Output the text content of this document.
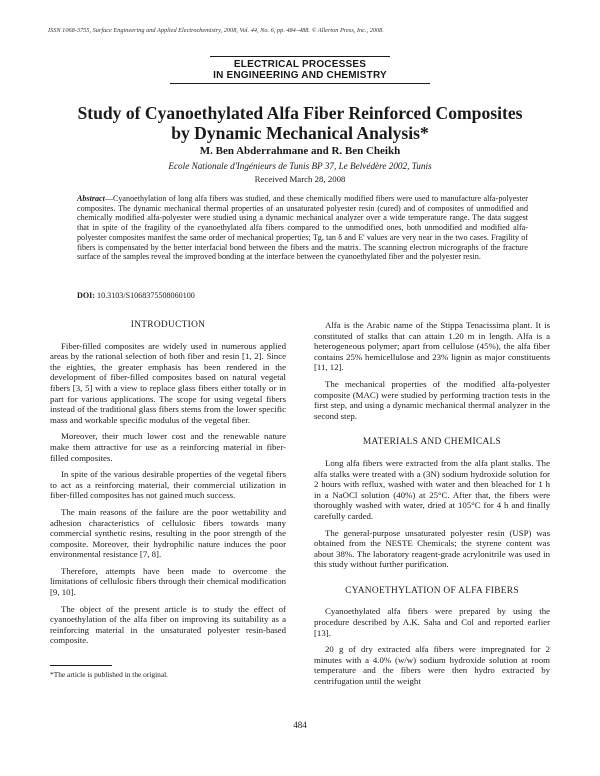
ISSN 1068-3755, Surface Engineering and Applied Electrochemistry, 2008, Vol. 44, No. 6, pp. 484–488. © Allerton Press, Inc., 2008.
ELECTRICAL PROCESSES
IN ENGINEERING AND CHEMISTRY
Study of Cyanoethylated Alfa Fiber Reinforced Composites
by Dynamic Mechanical Analysis*
M. Ben Abderrahmane and R. Ben Cheikh
Ecole Nationale d'Ingénieurs de Tunis BP 37, Le Belvédère 2002, Tunis
Received March 28, 2008
Abstract—Cyanoethylation of long alfa fibers was studied, and these chemically modified fibers were used to manufacture alfa-polyester composites. The dynamic mechanical thermal properties of an unsaturated polyester resin (cured) and of composites of unmodified and chemically modified alfa-polyester were studied using a dynamic mechanical analyzer over a wide temperature range. The data suggest that in spite of the fragility of the cyanoethylated alfa fibers compared to the unmodified ones, both unmodified and modified alfa-polyester composites manifest the same order of mechanical properties; Tg, tan δ and E' values are very near in the two cases. Fragility of fibers is compensated by the better interfacial bond between the fibers and the matrix. The scanning electron micrographs of the fracture surface of the samples reveal the improved bonding at the interface between the cyanoethylated fiber and the polyester resin.
DOI: 10.3103/S1068375508060100
INTRODUCTION

Fiber-filled composites are widely used in numerous applied areas by the rational selection of both fiber and resin [1, 2]. Since the eighties, the greater emphasis has been rendered in the development of fiber-filled composites based on natural vegetal fibers [3, 5] with a view to replace glass fibers either totally or in part for various applications. The scope for using vegetal fibers instead of the traditional glass fibers stems from the lower specific mass and workable specific modulus of the vegetal fiber.

Moreover, their much lower cost and the renewable nature make them attractive for use as a reinforcing material in fiber-filled composites.

In spite of the various desirable properties of the vegetal fibers to act as a reinforcing material, their commercial utilization in fiber-filled composites has not gained much success.

The main reasons of the failure are the poor wettability and adhesion characteristics of cellulosic fibers towards many commercial synthetic resins, resulting in the poor strength of the composite. Moreover, their hydrophilic nature induces the poor environmental resistance [7, 8].

Therefore, attempts have been made to overcome the limitations of cellulosic fibers through their chemical modification [9, 10].

The object of the present article is to study the effect of cyanoethylation of the alfa fiber on improving its suitability as a reinforcing material in the unsaturated polyester resin-based composite.

Alfa is the Arabic name of the Stippa Tenacissima plant. It is constituted of stalks that can attain 1.20 m in length. Alfa is a heterogeneous polymer; apart from cellulose (45%), the alfa fiber contains 25% hemicellulose and 23% lignin as major constituents [11, 12].

The mechanical properties of the modified alfa-polyester composite (MAC) were studied by performing traction tests in the first step, and using a dynamic mechanical thermal analyzer in the second step.

MATERIALS AND CHEMICALS

Long alfa fibers were extracted from the alfa plant stalks. The alfa stalks were treated with a (3N) sodium hydroxide solution for 2 hours with reflux, washed with water and then bleached for 1 h in a NaOCl solution (40%) at 25°C. After that, the fibers were thoroughly washed with water, dried at 105°C for 4 h and finally carefully carded.

The general-purpose unsaturated polyester resin (USP) was obtained from the NESTE Chemicals; the styrene content was about 38%. The laboratory reagent-grade acrylonitrile was used in this study without further purification.

CYANOETHYLATION OF ALFA FIBERS

Cyanoethylated alfa fibers were prepared by using the procedure described by A.K. Saha and Col and reported earlier [13].

20 g of dry extracted alfa fibers were impregnated for 2 minutes with a 4.0% (w/w) sodium hydroxide solution at room temperature and the fibers were then hydro extracted by centrifugation until the weight

*The article is published in the original.
484
